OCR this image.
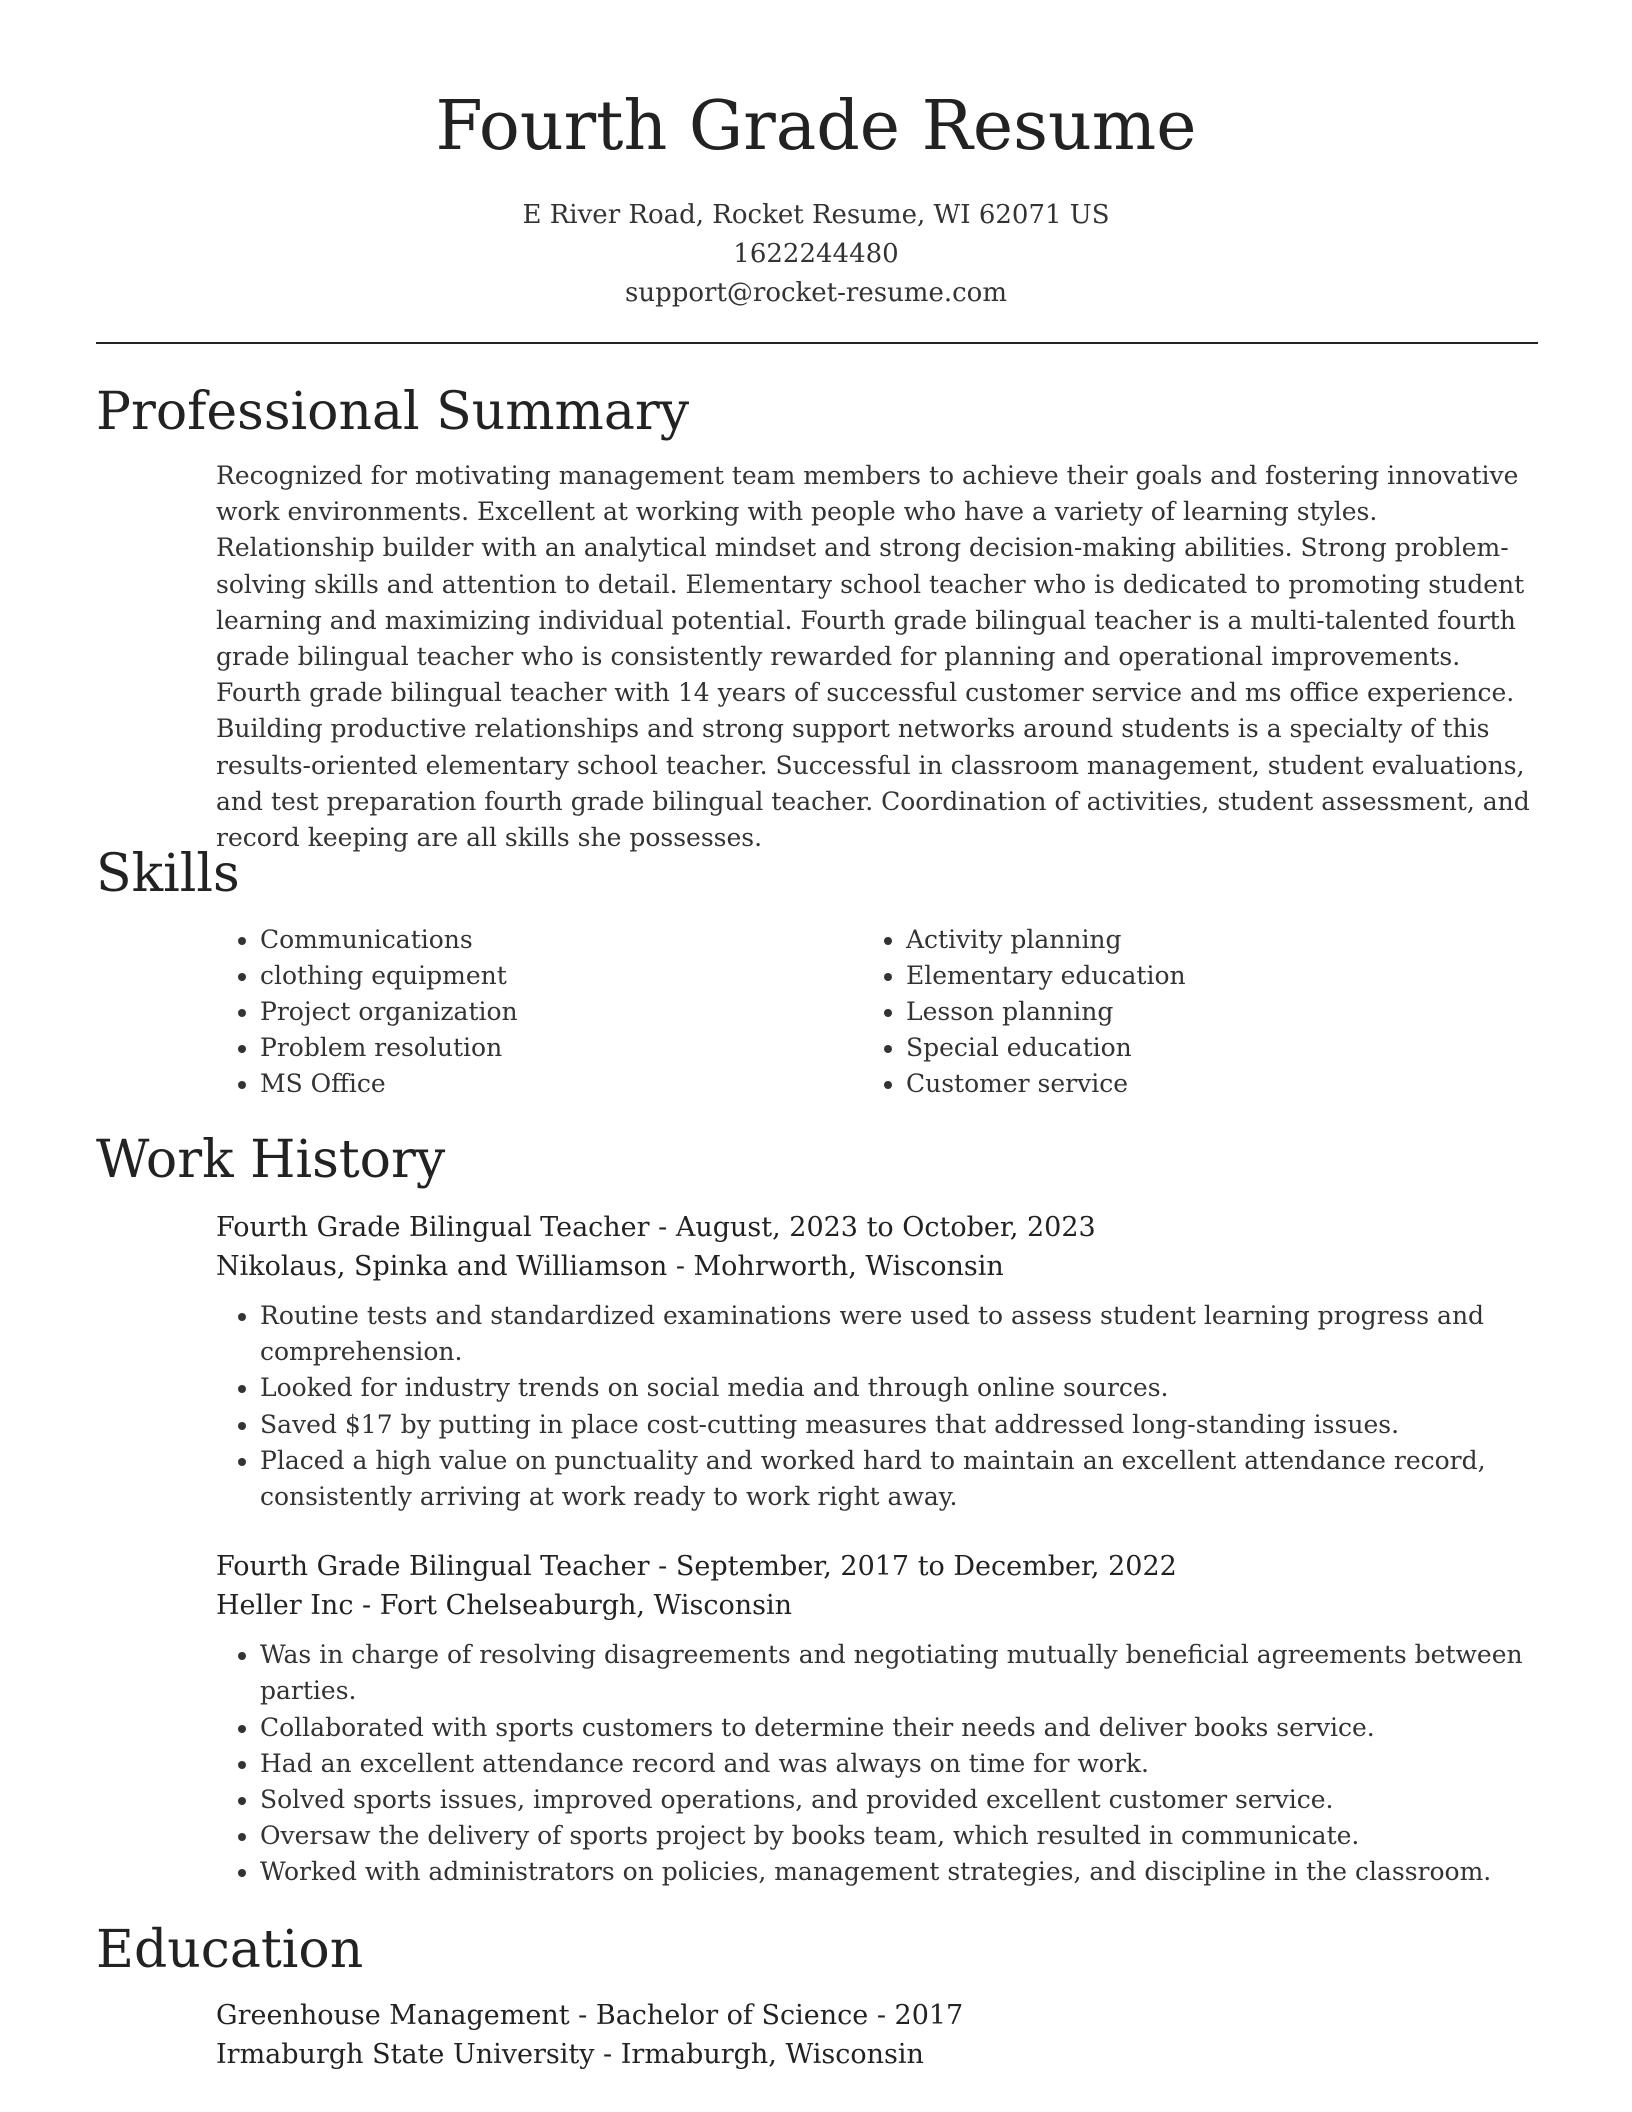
Fourth Grade Resume
E River Road, Rocket Resume, WI 62071 US
1622244480
support@rocket-resume.com
Professional Summary

Recognized for motivating management team members to achieve their goals and fostering innovative work environments. Excellent at working with people who have a variety of learning styles. Relationship builder with an analytical mindset and strong decision-making abilities. Strong problem-solving skills and attention to detail. Elementary school teacher who is dedicated to promoting student learning and maximizing individual potential. Fourth grade bilingual teacher is a multi-talented fourth grade bilingual teacher who is consistently rewarded for planning and operational improvements. Fourth grade bilingual teacher with 14 years of successful customer service and ms office experience. Building productive relationships and strong support networks around students is a specialty of this results-oriented elementary school teacher. Successful in classroom management, student evaluations, and test preparation fourth grade bilingual teacher. Coordination of activities, student assessment, and record keeping are all skills she possesses.

Skills
• Communications
• clothing equipment
• Project organization
• Problem resolution
• MS Office
• Activity planning
• Elementary education
• Lesson planning
• Special education
• Customer service
Work History
Fourth Grade Bilingual Teacher - August, 2023 to October, 2023
Nikolaus, Spinka and Williamson - Mohrworth, Wisconsin
• Routine tests and standardized examinations were used to assess student learning progress and comprehension.
• Looked for industry trends on social media and through online sources.
• Saved $17 by putting in place cost-cutting measures that addressed long-standing issues.
• Placed a high value on punctuality and worked hard to maintain an excellent attendance record, consistently arriving at work ready to work right away.
Fourth Grade Bilingual Teacher - September, 2017 to December, 2022
Heller Inc - Fort Chelseaburgh, Wisconsin
• Was in charge of resolving disagreements and negotiating mutually beneficial agreements between parties.
• Collaborated with sports customers to determine their needs and deliver books service.
• Had an excellent attendance record and was always on time for work.
• Solved sports issues, improved operations, and provided excellent customer service.
• Oversaw the delivery of sports project by books team, which resulted in communicate.
• Worked with administrators on policies, management strategies, and discipline in the classroom.
Education
Greenhouse Management - Bachelor of Science - 2017
Irmaburgh State University - Irmaburgh, Wisconsin
